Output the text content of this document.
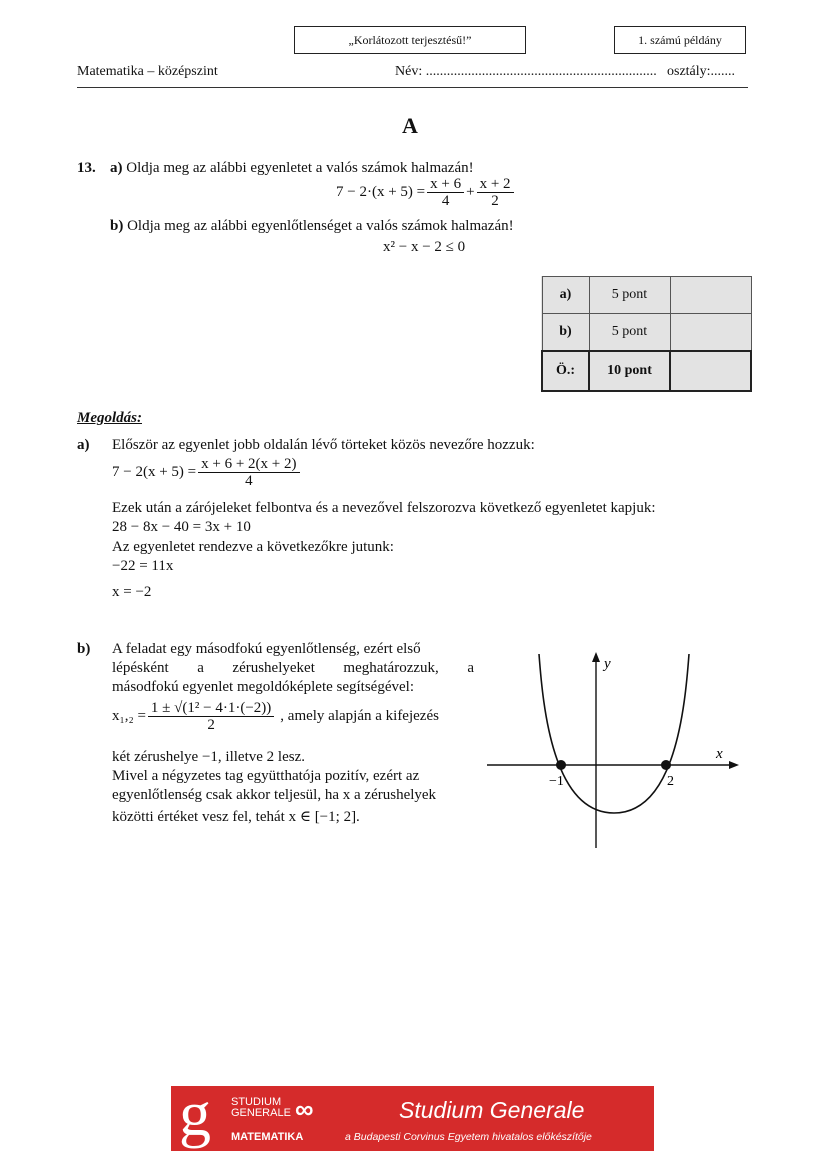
„Korlátozott terjesztésű!”	1. számú példány
Matematika – középszint	Név: .................................................................. osztály:.......
A
13. a) Oldja meg az alábbi egyenletet a valós számok halmazán!
$7 - 2\cdot(x + 5) = \frac{x + 6}{4} + \frac{x + 2}{2}$
b) Oldja meg az alábbi egyenlőtlenséget a valós számok halmazán!
x² − x − 2 ≤ 0
a)	5 pont	
b)	5 pont	
Ö.:	10 pont	
Megoldás:
a) Először az egyenlet jobb oldalán lévő törteket közös nevezőre hozzuk:
$7 - 2(x + 5) = \frac{x + 6 + 2(x + 2)}{4}$
Ezek után a zárójeleket felbontva és a nevezővel felszorozva következő egyenletet kapjuk:
28 − 8x − 40 = 3x + 10
Az egyenletet rendezve a következőkre jutunk:
−22 = 11x
x = −2
b) A feladat egy másodfokú egyenlőtlenség, ezért első
lépésként a zérushelyeket meghatározzuk, a
másodfokú egyenlet megoldóképlete segítségével:
$x_1,_2 = \frac{\text{1 ± √(1² − 4·1·(−2))}}{2}$ , amely alapján a kifejezés
két zérushelye −1, illetve 2 lesz.
Mivel a négyzetes tag együtthatója pozitív, ezért az
egyenlőtlenség csak akkor teljesül, ha x a zérushelyek
közötti értéket vesz fel, tehát x ∈ [−1; 2].
y
x
−1	2
g STUDIUM
GENERALE ∞
MATEMATIKA
Studium Generale
a Budapesti Corvinus Egyetem hivatalos előkészítője
